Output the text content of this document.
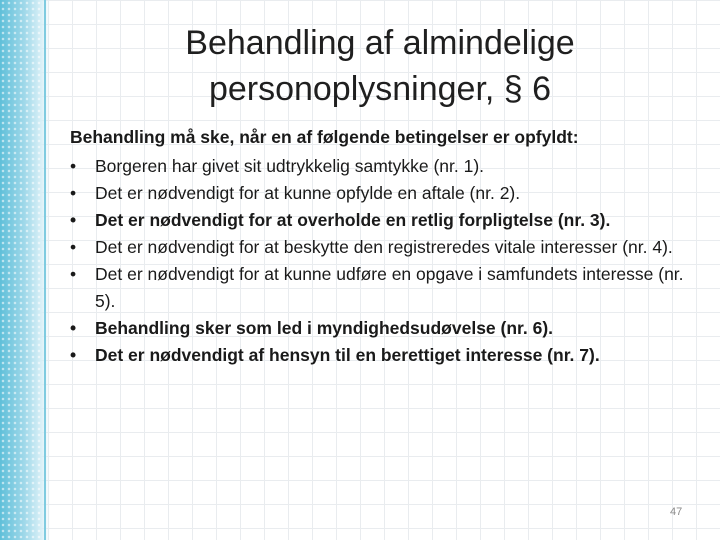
Behandling af almindelige
personoplysninger, § 6

Behandling må ske, når en af følgende betingelser er opfyldt:

• Borgeren har givet sit udtrykkelig samtykke (nr. 1).
• Det er nødvendigt for at kunne opfylde en aftale (nr. 2).
• Det er nødvendigt for at overholde en retlig forpligtelse (nr. 3).
• Det er nødvendigt for at beskytte den registreredes vitale interesser (nr. 4).
• Det er nødvendigt for at kunne udføre en opgave i samfundets interesse (nr. 5).
• Behandling sker som led i myndighedsudøvelse (nr. 6).
• Det er nødvendigt af hensyn til en berettiget interesse (nr. 7).
47
